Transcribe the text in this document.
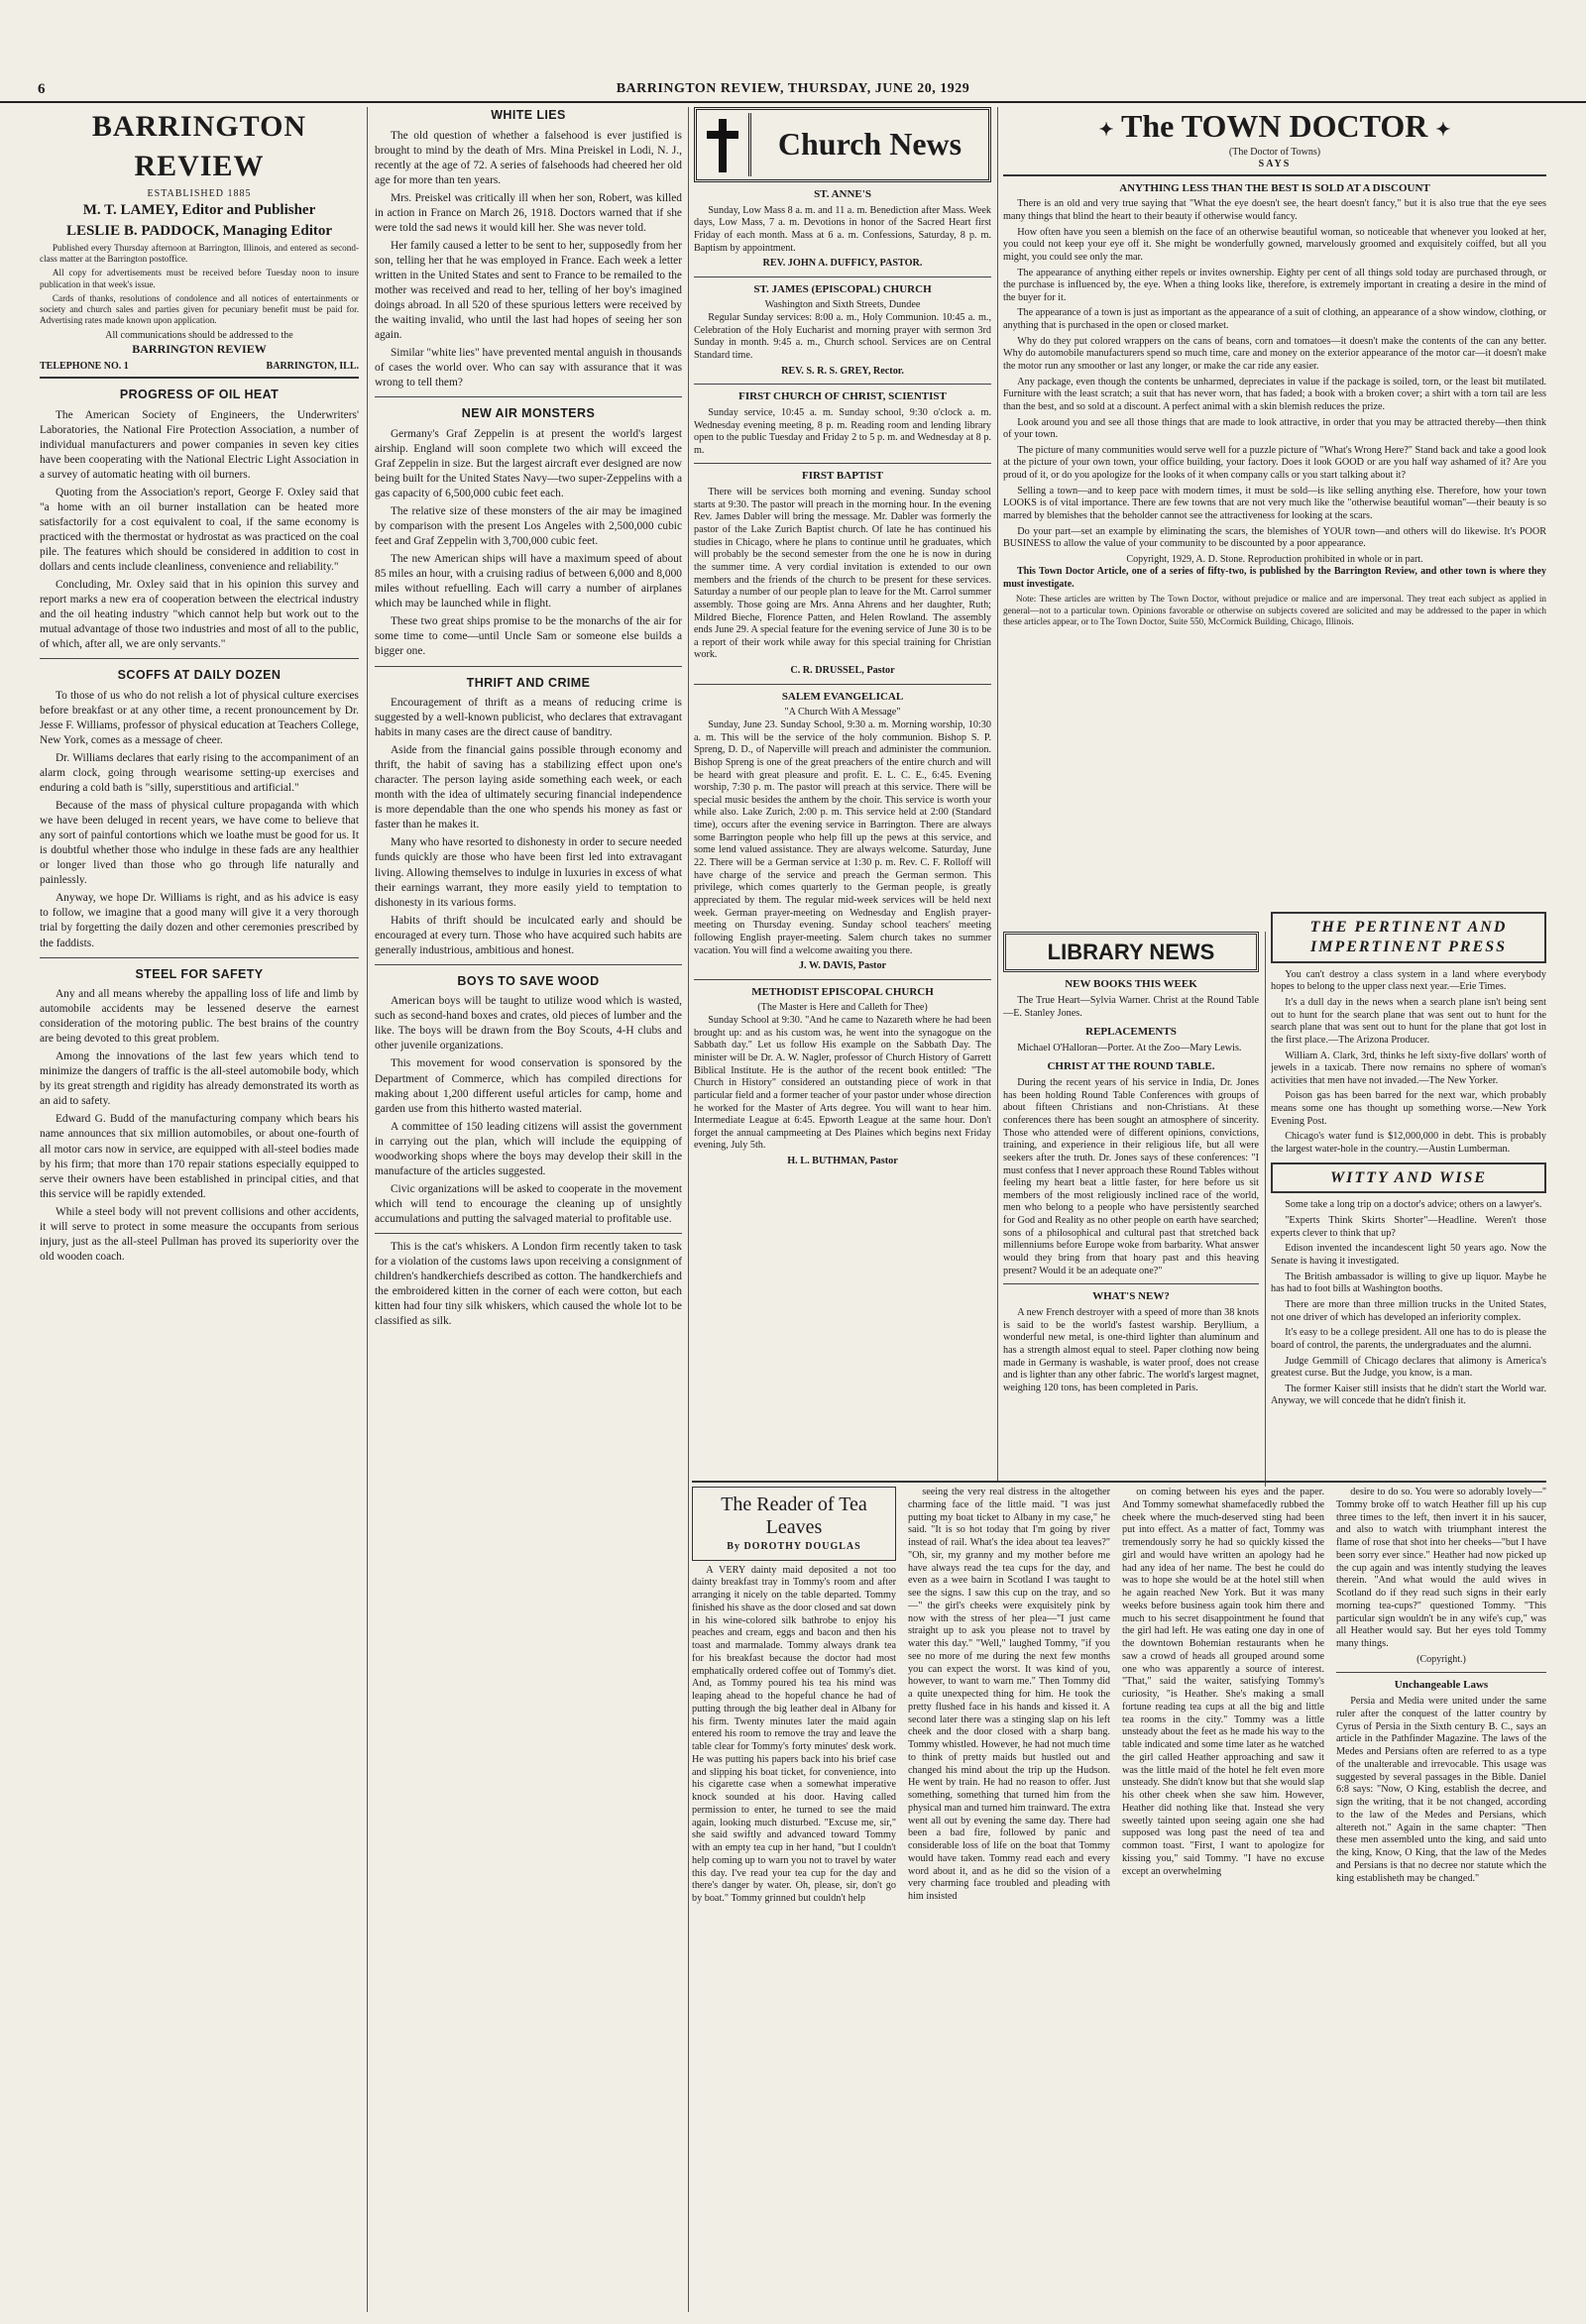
6	BARRINGTON REVIEW, THURSDAY, JUNE 20, 1929
BARRINGTON REVIEW
ESTABLISHED 1885
M. T. LAMEY, Editor and Publisher
LESLIE B. PADDOCK, Managing Editor

Published every Thursday afternoon at Barrington, Illinois, and entered as second-class matter at the Barrington postoffice.

All copy for advertisements must be received before Tuesday noon to insure publication in that week's issue.

Cards of thanks, resolutions of condolence and all notices of entertainments or society and church sales and parties given for pecuniary benefit must be paid for. Advertising rates made known upon application.

All communications should be addressed to the
BARRINGTON REVIEW
TELEPHONE NO. 1	BARRINGTON, ILL.
PROGRESS OF OIL HEAT

The American Society of Engineers, the Underwriters' Laboratories, the National Fire Protection Association, a number of individual manufacturers and power companies in seven key cities have been cooperating with the National Electric Light Association in a survey of automatic heating with oil burners.

Quoting from the Association's report, George F. Oxley said that "a home with an oil burner installation can be heated more satisfactorily for a cost equivalent to coal, if the same economy is practiced with the thermostat or hydrostat as was practiced on the coal pile. The features which should be considered in addition to cost in dollars and cents include cleanliness, convenience and reliability."

Concluding, Mr. Oxley said that in his opinion this survey and report marks a new era of cooperation between the electrical industry and the oil heating industry "which cannot help but work out to the mutual advantage of those two industries and most of all to the public, of which, after all, we are only servants."

SCOFFS AT DAILY DOZEN

To those of us who do not relish a lot of physical culture exercises before breakfast or at any other time, a recent pronouncement by Dr. Jesse F. Williams, professor of physical education at Teachers College, New York, comes as a message of cheer.

Dr. Williams declares that early rising to the accompaniment of an alarm clock, going through wearisome setting-up exercises and enduring a cold bath is "silly, superstitious and artificial."

Because of the mass of physical culture propaganda with which we have been deluged in recent years, we have come to believe that any sort of painful contortions which we loathe must be good for us. It is doubtful whether those who indulge in these fads are any healthier or longer lived than those who go through life naturally and painlessly.

Anyway, we hope Dr. Williams is right, and as his advice is easy to follow, we imagine that a good many will give it a very thorough trial by forgetting the daily dozen and other ceremonies prescribed by the faddists.

STEEL FOR SAFETY

Any and all means whereby the appalling loss of life and limb by automobile accidents may be lessened deserve the earnest consideration of the motoring public. The best brains of the country are being devoted to this great problem.

Among the innovations of the last few years which tend to minimize the dangers of traffic is the all-steel automobile body, which by its great strength and rigidity has already demonstrated its worth as an aid to safety.

Edward G. Budd of the manufacturing company which bears his name announces that six million automobiles, or about one-fourth of all motor cars now in service, are equipped with all-steel bodies made by his firm; that more than 170 repair stations especially equipped to serve their owners have been established in principal cities, and that this service will be rapidly extended.

While a steel body will not prevent collisions and other accidents, it will serve to protect in some measure the occupants from serious injury, just as the all-steel Pullman has proved its superiority over the old wooden coach.

WHITE LIES

The old question of whether a falsehood is ever justified is brought to mind by the death of Mrs. Mina Preiskel in Lodi, N. J., recently at the age of 72. A series of falsehoods had cheered her old age for more than ten years.

Mrs. Preiskel was critically ill when her son, Robert, was killed in action in France on March 26, 1918. Doctors warned that if she were told the sad news it would kill her. She was never told.

Her family caused a letter to be sent to her, supposedly from her son, telling her that he was employed in France. Each week a letter written in the United States and sent to France to be remailed to the mother was received and read to her, telling of her boy's imagined doings abroad. In all 520 of these spurious letters were received by the waiting invalid, who until the last had hopes of seeing her son again.

Similar "white lies" have prevented mental anguish in thousands of cases the world over. Who can say with assurance that it was wrong to tell them?

NEW AIR MONSTERS

Germany's Graf Zeppelin is at present the world's largest airship. England will soon complete two which will exceed the Graf Zeppelin in size. But the largest aircraft ever designed are now being built for the United States Navy—two super-Zeppelins with a gas capacity of 6,500,000 cubic feet each.

The relative size of these monsters of the air may be imagined by comparison with the present Los Angeles with 2,500,000 cubic feet and Graf Zeppelin with 3,700,000 cubic feet.

The new American ships will have a maximum speed of about 85 miles an hour, with a cruising radius of between 6,000 and 8,000 miles without refuelling. Each will carry a number of airplanes which may be launched while in flight.

These two great ships promise to be the monarchs of the air for some time to come—until Uncle Sam or someone else builds a bigger one.

THRIFT AND CRIME

Encouragement of thrift as a means of reducing crime is suggested by a well-known publicist, who declares that extravagant habits in many cases are the direct cause of banditry.

Aside from the financial gains possible through economy and thrift, the habit of saving has a stabilizing effect upon one's character. The person laying aside something each week, or each month with the idea of ultimately securing financial independence is more dependable than the one who spends his money as fast or faster than he makes it.

Many who have resorted to dishonesty in order to secure needed funds quickly are those who have been first led into extravagant living. Allowing themselves to indulge in luxuries in excess of what their earnings warrant, they more easily yield to temptation to dishonesty in its various forms.

Habits of thrift should be inculcated early and should be encouraged at every turn. Those who have acquired such habits are generally industrious, ambitious and honest.

BOYS TO SAVE WOOD

American boys will be taught to utilize wood which is wasted, such as second-hand boxes and crates, old pieces of lumber and the like. The boys will be drawn from the Boy Scouts, 4-H clubs and other juvenile organizations.

This movement for wood conservation is sponsored by the Department of Commerce, which has compiled directions for making about 1,200 different useful articles for camp, home and garden use from this hitherto wasted material.

A committee of 150 leading citizens will assist the government in carrying out the plan, which will include the equipping of woodworking shops where the boys may develop their skill in the manufacture of the articles suggested.

Civic organizations will be asked to cooperate in the movement which will tend to encourage the cleaning up of unsightly accumulations and putting the salvaged material to profitable use.

This is the cat's whiskers. A London firm recently taken to task for a violation of the customs laws upon receiving a consignment of children's handkerchiefs described as cotton. The handkerchiefs and the embroidered kitten in the corner of each were cotton, but each kitten had four tiny silk whiskers, which caused the whole lot to be classified as silk.

Church News
ST. ANNE'S

Sunday, Low Mass 8 a. m. and 11 a. m. Benediction after Mass. Week days, Low Mass, 7 a. m. Devotions in honor of the Sacred Heart first Friday of each month. Mass at 6 a. m. Confessions, Saturday, 8 p. m. Baptism by appointment.

REV. JOHN A. DUFFICY, PASTOR.
ST. JAMES (EPISCOPAL) CHURCH
Washington and Sixth Streets, Dundee

Regular Sunday services: 8:00 a. m., Holy Communion. 10:45 a. m., Celebration of the Holy Eucharist and morning prayer with sermon 3rd Sunday in month. 9:45 a. m., Church school. Services are on Central Standard time.

REV. S. R. S. GREY, Rector.
FIRST CHURCH OF CHRIST, SCIENTIST

Sunday service, 10:45 a. m. Sunday school, 9:30 o'clock a. m. Wednesday evening meeting, 8 p. m. Reading room and lending library open to the public Tuesday and Friday 2 to 5 p. m. and Wednesday at 8 p. m.

FIRST BAPTIST

There will be services both morning and evening. Sunday school starts at 9:30. The pastor will preach in the morning hour. In the evening Rev. James Dabler will bring the message. Mr. Dabler was formerly the pastor of the Lake Zurich Baptist church. Of late he has continued his studies in Chicago, where he plans to continue until he graduates, which will probably be the second semester from the one he is now in during the summer time. A very cordial invitation is extended to our own members and the friends of the church to be present for these services. Saturday a number of our people plan to leave for the Mt. Carrol summer assembly. Those going are Mrs. Anna Ahrens and her daughter, Ruth; Mildred Bieche, Florence Patten, and Helen Rowland. The assembly ends June 29. A special feature for the evening service of June 30 is to be a report of their work while away for this special training for Christian work.

C. R. DRUSSEL, Pastor
SALEM EVANGELICAL
"A Church With A Message"

Sunday, June 23. Sunday School, 9:30 a. m. Morning worship, 10:30 a. m. This will be the service of the holy communion. Bishop S. P. Spreng, D. D., of Naperville will preach and administer the communion. Bishop Spreng is one of the great preachers of the entire church and will be heard with great pleasure and profit. E. L. C. E., 6:45. Evening worship, 7:30 p. m. The pastor will preach at this service. There will be special music besides the anthem by the choir. This service is worth your while also. Lake Zurich, 2:00 p. m. This service held at 2:00 (Standard time), occurs after the evening service in Barrington. There are always some Barrington people who help fill up the pews at this service, and some lend valued assistance. They are always welcome. Saturday, June 22. There will be a German service at 1:30 p. m. Rev. C. F. Rolloff will have charge of the service and preach the German sermon. This privilege, which comes quarterly to the German people, is greatly appreciated by them. The regular mid-week services will be held next week. German prayer-meeting on Wednesday and English prayer-meeting on Thursday evening. Sunday school teachers' meeting following English prayer-meeting. Salem church takes no summer vacation. You will find a welcome awaiting you there.

J. W. DAVIS, Pastor
METHODIST EPISCOPAL CHURCH
(The Master is Here and Calleth for Thee)

Sunday School at 9:30. "And he came to Nazareth where he had been brought up: and as his custom was, he went into the synagogue on the Sabbath day." Let us follow His example on the Sabbath Day. The minister will be Dr. A. W. Nagler, professor of Church History of Garrett Biblical Institute. He is the author of the recent book entitled: "The Church in History" considered an outstanding piece of work in that particular field and a former teacher of your pastor under whose direction he worked for the Master of Arts degree. You will want to hear him. Intermediate League at 6:45. Epworth League at the same hour. Don't forget the annual campmeeting at Des Plaines which begins next Friday evening, July 5th.

H. L. BUTHMAN, Pastor
✦ The TOWN DOCTOR ✦
(The Doctor of Towns)
SAYS
ANYTHING LESS THAN THE BEST IS SOLD AT A DISCOUNT

There is an old and very true saying that "What the eye doesn't see, the heart doesn't fancy," but it is also true that the eye sees many things that blind the heart to their beauty if otherwise would fancy.

How often have you seen a blemish on the face of an otherwise beautiful woman, so noticeable that whenever you looked at her, you could not keep your eye off it. She might be wonderfully gowned, marvelously groomed and exquisitely coiffed, but all you might, you could see only the mar.

The appearance of anything either repels or invites ownership. Eighty per cent of all things sold today are purchased through, or the purchase is influenced by, the eye. When a thing looks like, therefore, is extremely important in creating a desire in the mind of the buyer for it.

The appearance of a town is just as important as the appearance of a suit of clothing, an appearance of a show window, clothing, or anything that is purchased in the open or closed market.

Why do they put colored wrappers on the cans of beans, corn and tomatoes—it doesn't make the contents of the can any better. Why do automobile manufacturers spend so much time, care and money on the exterior appearance of the motor car—it doesn't make the motor run any smoother or last any longer, or make the car ride any easier.

Any package, even though the contents be unharmed, depreciates in value if the package is soiled, torn, or the least bit mutilated. Furniture with the least scratch; a suit that has never worn, that has faded; a book with a broken cover; a shirt with a torn tail are less than the best, and so sold at a discount. A perfect animal with a skin blemish reduces the prize.

Look around you and see all those things that are made to look attractive, in order that you may be attracted thereby—then think of your town.

The picture of many communities would serve well for a puzzle picture of "What's Wrong Here?" Stand back and take a good look at the picture of your own town, your office building, your factory. Does it look GOOD or are you half way ashamed of it? Are you proud of it, or do you apologize for the looks of it when company calls or you start talking about it?

Selling a town—and to keep pace with modern times, it must be sold—is like selling anything else. Therefore, how your town LOOKS is of vital importance. There are few towns that are not very much like the "otherwise beautiful woman"—their beauty is so marred by blemishes that the beholder cannot see the attractiveness for looking at the scars.

Do your part—set an example by eliminating the scars, the blemishes of YOUR town—and others will do likewise. It's POOR BUSINESS to allow the value of your community to be discounted by a poor appearance.

Copyright, 1929, A. D. Stone. Reproduction prohibited in whole or in part.

This Town Doctor Article, one of a series of fifty-two, is published by the Barrington Review, and other town is where they must investigate.

Note: These articles are written by The Town Doctor, without prejudice or malice and are impersonal. They treat each subject as applied in general—not to a particular town. Opinions favorable or otherwise on subjects covered are solicited and may be addressed to the paper in which these articles appear, or to The Town Doctor, Suite 550, McCormick Building, Chicago, Illinois.

LIBRARY NEWS
NEW BOOKS THIS WEEK

The True Heart—Sylvia Warner. Christ at the Round Table—E. Stanley Jones.

REPLACEMENTS

Michael O'Halloran—Porter. At the Zoo—Mary Lewis.

CHRIST AT THE ROUND TABLE.

During the recent years of his service in India, Dr. Jones has been holding Round Table Conferences with groups of about fifteen Christians and non-Christians. At these conferences there has been sought an atmosphere of sincerity. Those who attended were of different opinions, convictions, training, and experience in their religious life, but all were seekers after the truth. Dr. Jones says of these conferences: "I must confess that I never approach these Round Tables without feeling my heart beat a little faster, for here before us sit members of the most religiously inclined race of the world, men who belong to a people who have persistently searched for God and Reality as no other people on earth have searched; sons of a philosophical and cultural past that stretched back millenniums before Europe woke from barbarity. What answer would they bring from that hoary past and this heaving present? Would it be an adequate one?"

WHAT'S NEW?

A new French destroyer with a speed of more than 38 knots is said to be the world's fastest warship. Beryllium, a wonderful new metal, is one-third lighter than aluminum and has a strength almost equal to steel. Paper clothing now being made in Germany is washable, is water proof, does not crease and is lighter than any other fabric. The world's largest magnet, weighing 120 tons, has been completed in Paris.

THE PERTINENT AND IMPERTINENT PRESS

You can't destroy a class system in a land where everybody hopes to belong to the upper class next year.—Erie Times.

It's a dull day in the news when a search plane isn't being sent out to hunt for the search plane that was sent out to hunt for the search plane that was sent out to hunt for the plane that got lost in the first place.—The Arizona Producer.

William A. Clark, 3rd, thinks he left sixty-five dollars' worth of jewels in a taxicab. There now remains no sphere of woman's activities that men have not invaded.—The New Yorker.

Poison gas has been barred for the next war, which probably means some one has thought up something worse.—New York Evening Post.

Chicago's water fund is $12,000,000 in debt. This is probably the largest water-hole in the country.—Austin Lumberman.

WITTY AND WISE

Some take a long trip on a doctor's advice; others on a lawyer's.

"Experts Think Skirts Shorter"—Headline. Weren't those experts clever to think that up?

Edison invented the incandescent light 50 years ago. Now the Senate is having it investigated.

The British ambassador is willing to give up liquor. Maybe he has had to foot bills at Washington booths.

There are more than three million trucks in the United States, not one driver of which has developed an inferiority complex.

It's easy to be a college president. All one has to do is please the board of control, the parents, the undergraduates and the alumni.

Judge Gemmill of Chicago declares that alimony is America's greatest curse. But the Judge, you know, is a man.

The former Kaiser still insists that he didn't start the World war. Anyway, we will concede that he didn't finish it.

The Reader of Tea Leaves
By DOROTHY DOUGLAS

A VERY dainty maid deposited a not too dainty breakfast tray in Tommy's room and after arranging it nicely on the table departed. Tommy finished his shave as the door closed and sat down in his wine-colored silk bathrobe to enjoy his peaches and cream, eggs and bacon and then his toast and marmalade. Tommy always drank tea for his breakfast because the doctor had most emphatically ordered coffee out of Tommy's diet. And, as Tommy poured his tea his mind was leaping ahead to the hopeful chance he had of putting through the big leather deal in Albany for his firm. Twenty minutes later the maid again entered his room to remove the tray and leave the table clear for Tommy's forty minutes' desk work. He was putting his papers back into his brief case and slipping his boat ticket, for convenience, into his cigarette case when a somewhat imperative knock sounded at his door. Having called permission to enter, he turned to see the maid again, looking much disturbed. "Excuse me, sir," she said swiftly and advanced toward Tommy with an empty tea cup in her hand, "but I couldn't help coming up to warn you not to travel by water this day. I've read your tea cup for the day and there's danger by water. Oh, please, sir, don't go by boat." Tommy grinned but couldn't help

seeing the very real distress in the altogether charming face of the little maid. "I was just putting my boat ticket to Albany in my case," he said. "It is so hot today that I'm going by river instead of rail. What's the idea about tea leaves?" "Oh, sir, my granny and my mother before me have always read the tea cups for the day, and even as a wee bairn in Scotland I was taught to see the signs. I saw this cup on the tray, and so—" the girl's cheeks were exquisitely pink by now with the stress of her plea—"I just came straight up to ask you please not to travel by water this day." "Well," laughed Tommy, "if you see no more of me during the next few months you can expect the worst. It was kind of you, however, to want to warn me." Then Tommy did a quite unexpected thing for him. He took the pretty flushed face in his hands and kissed it. A second later there was a stinging slap on his left cheek and the door closed with a sharp bang. Tommy whistled. However, he had not much time to think of pretty maids but hustled out and changed his mind about the trip up the Hudson. He went by train. He had no reason to offer. Just something, something that turned him from the physical man and turned him trainward. The extra went all out by evening the same day. There had been a bad fire, followed by panic and considerable loss of life on the boat that Tommy would have taken. Tommy read each and every word about it, and as he did so the vision of a very charming face troubled and pleading with him insisted

on coming between his eyes and the paper. And Tommy somewhat shamefacedly rubbed the cheek where the much-deserved sting had been put into effect. As a matter of fact, Tommy was tremendously sorry he had so quickly kissed the girl and would have written an apology had he had any idea of her name. The best he could do was to hope she would be at the hotel still when he again reached New York. But it was many weeks before business again took him there and much to his secret disappointment he found that the girl had left. He was eating one day in one of the downtown Bohemian restaurants when he saw a crowd of heads all grouped around some one who was apparently a source of interest. "That," said the waiter, satisfying Tommy's curiosity, "is Heather. She's making a small fortune reading tea cups at all the big and little tea rooms in the city." Tommy was a little unsteady about the feet as he made his way to the table indicated and some time later as he watched the girl called Heather approaching and saw it was the little maid of the hotel he felt even more unsteady. She didn't know but that she would slap his other cheek when she saw him. However, Heather did nothing like that. Instead she very sweetly tainted upon seeing again one she had supposed was long past the need of tea and common toast. "First, I want to apologize for kissing you," said Tommy. "I have no excuse except an overwhelming

desire to do so. You were so adorably lovely—" Tommy broke off to watch Heather fill up his cup three times to the left, then invert it in his saucer, and also to watch with triumphant interest the flame of rose that shot into her cheeks—"but I have been sorry ever since." Heather had now picked up the cup again and was intently studying the leaves therein. "And what would the auld wives in Scotland do if they read such signs in their early morning tea-cups?" questioned Tommy. "This particular sign wouldn't be in any wife's cup," was all Heather would say. But her eyes told Tommy many things.

(Copyright.)
Unchangeable Laws

Persia and Media were united under the same ruler after the conquest of the latter country by Cyrus of Persia in the Sixth century B. C., says an article in the Pathfinder Magazine. The laws of the Medes and Persians often are referred to as a type of the unalterable and irrevocable. This usage was suggested by several passages in the Bible. Daniel 6:8 says: "Now, O King, establish the decree, and sign the writing, that it be not changed, according to the law of the Medes and Persians, which altereth not." Again in the same chapter: "Then these men assembled unto the king, and said unto the king, Know, O King, that the law of the Medes and Persians is that no decree nor statute which the king establisheth may be changed."
